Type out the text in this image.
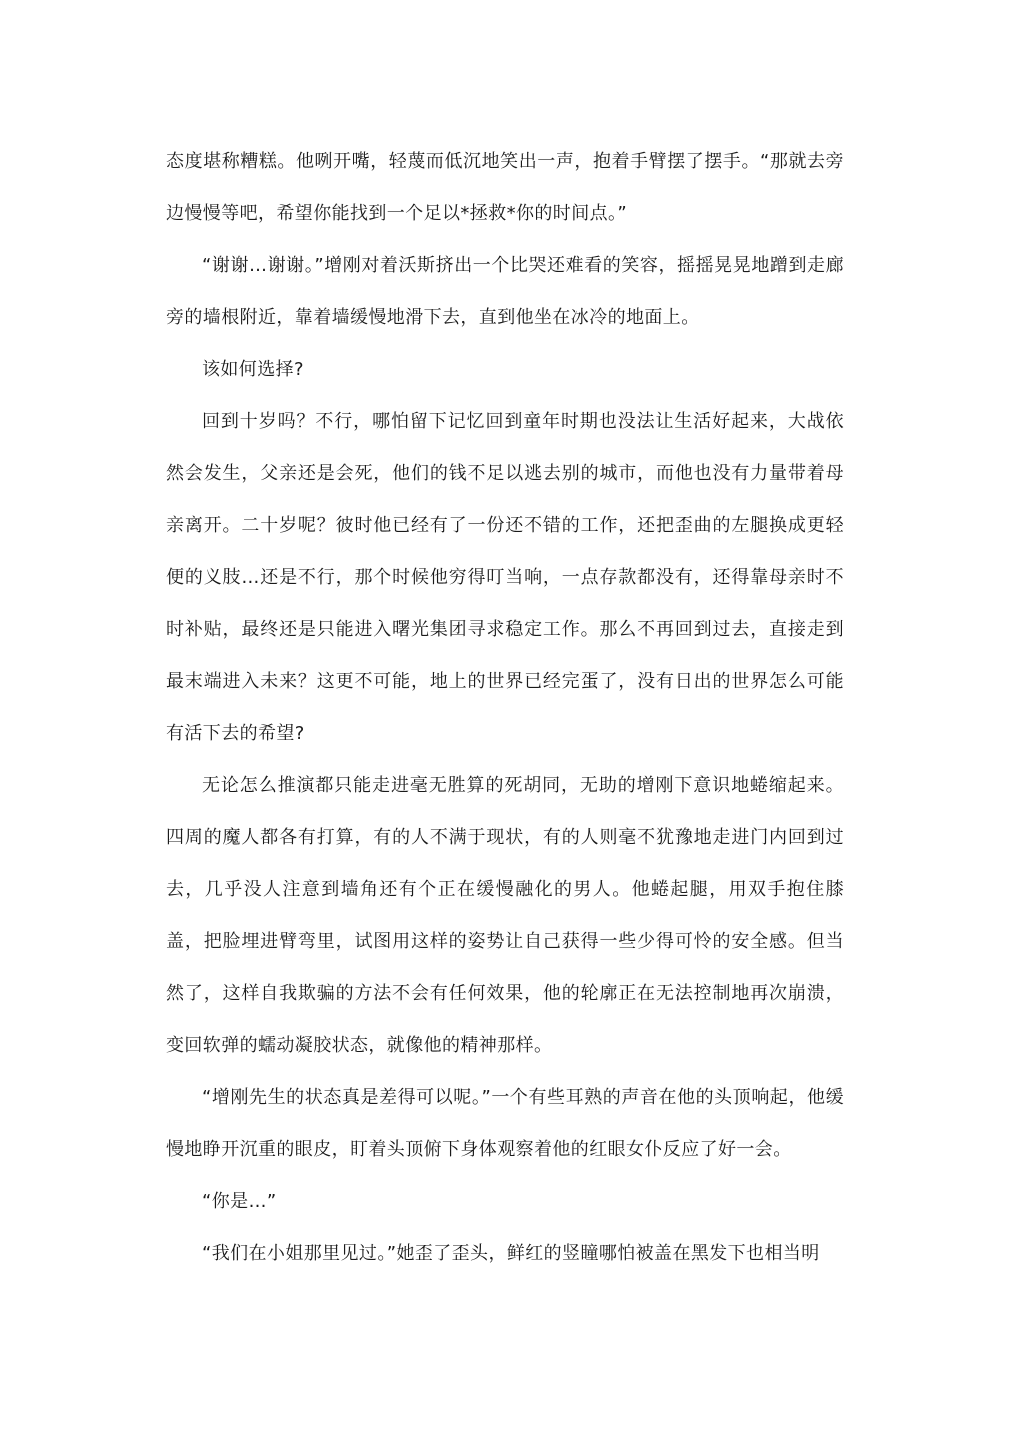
态度堪称糟糕。他咧开嘴，轻蔑而低沉地笑出一声，抱着手臂摆了摆手。“那就去旁边慢慢等吧，希望你能找到一个足以*拯救*你的时间点。”

“谢谢…谢谢。”增刚对着沃斯挤出一个比哭还难看的笑容，摇摇晃晃地蹭到走廊旁的墙根附近，靠着墙缓慢地滑下去，直到他坐在冰冷的地面上。

该如何选择?

回到十岁吗？不行，哪怕留下记忆回到童年时期也没法让生活好起来，大战依然会发生，父亲还是会死，他们的钱不足以逃去别的城市，而他也没有力量带着母亲离开。二十岁呢？彼时他已经有了一份还不错的工作，还把歪曲的左腿换成更轻便的义肢…还是不行，那个时候他穷得叮当响，一点存款都没有，还得靠母亲时不时补贴，最终还是只能进入曙光集团寻求稳定工作。那么不再回到过去，直接走到最末端进入未来？这更不可能，地上的世界已经完蛋了，没有日出的世界怎么可能有活下去的希望?

无论怎么推演都只能走进毫无胜算的死胡同，无助的增刚下意识地蜷缩起来。四周的魔人都各有打算，有的人不满于现状，有的人则毫不犹豫地走进门内回到过去，几乎没人注意到墙角还有个正在缓慢融化的男人。他蜷起腿，用双手抱住膝盖，把脸埋进臂弯里，试图用这样的姿势让自己获得一些少得可怜的安全感。但当然了，这样自我欺骗的方法不会有任何效果，他的轮廓正在无法控制地再次崩溃，变回软弹的蠕动凝胶状态，就像他的精神那样。

“增刚先生的状态真是差得可以呢。”一个有些耳熟的声音在他的头顶响起，他缓慢地睁开沉重的眼皮，盯着头顶俯下身体观察着他的红眼女仆反应了好一会。

“你是…”

“我们在小姐那里见过。”她歪了歪头，鲜红的竖瞳哪怕被盖在黑发下也相当明
